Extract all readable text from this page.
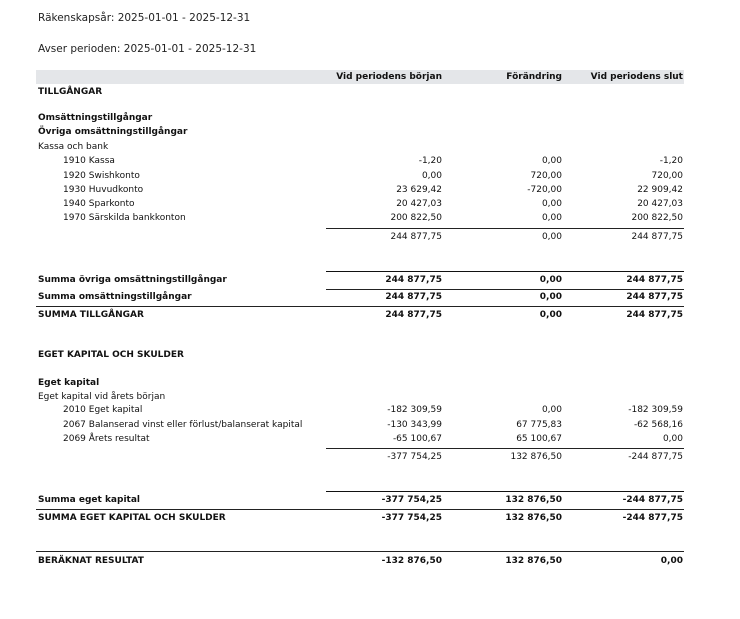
Räkenskapsår: 2025-01-01 - 2025-12-31
Avser perioden: 2025-01-01 - 2025-12-31
Vid periodens början	Förändring	Vid periodens slut
TILLGÅNGAR
Omsättningstillgångar
Övriga omsättningstillgångar
Kassa och bank
1910 Kassa	-1,20	0,00	-1,20
1920 Swishkonto	0,00	720,00	720,00
1930 Huvudkonto	23 629,42	-720,00	22 909,42
1940 Sparkonto	20 427,03	0,00	20 427,03
1970 Särskilda bankkonton	200 822,50	0,00	200 822,50
244 877,75	0,00	244 877,75
Summa övriga omsättningstillgångar	244 877,75	0,00	244 877,75
Summa omsättningstillgångar	244 877,75	0,00	244 877,75
SUMMA TILLGÅNGAR	244 877,75	0,00	244 877,75
EGET KAPITAL OCH SKULDER
Eget kapital
Eget kapital vid årets början
2010 Eget kapital	-182 309,59	0,00	-182 309,59
2067 Balanserad vinst eller förlust/balanserat kapital	-130 343,99	67 775,83	-62 568,16
2069 Årets resultat	-65 100,67	65 100,67	0,00
-377 754,25	132 876,50	-244 877,75
Summa eget kapital	-377 754,25	132 876,50	-244 877,75
SUMMA EGET KAPITAL OCH SKULDER	-377 754,25	132 876,50	-244 877,75
BERÄKNAT RESULTAT	-132 876,50	132 876,50	0,00
